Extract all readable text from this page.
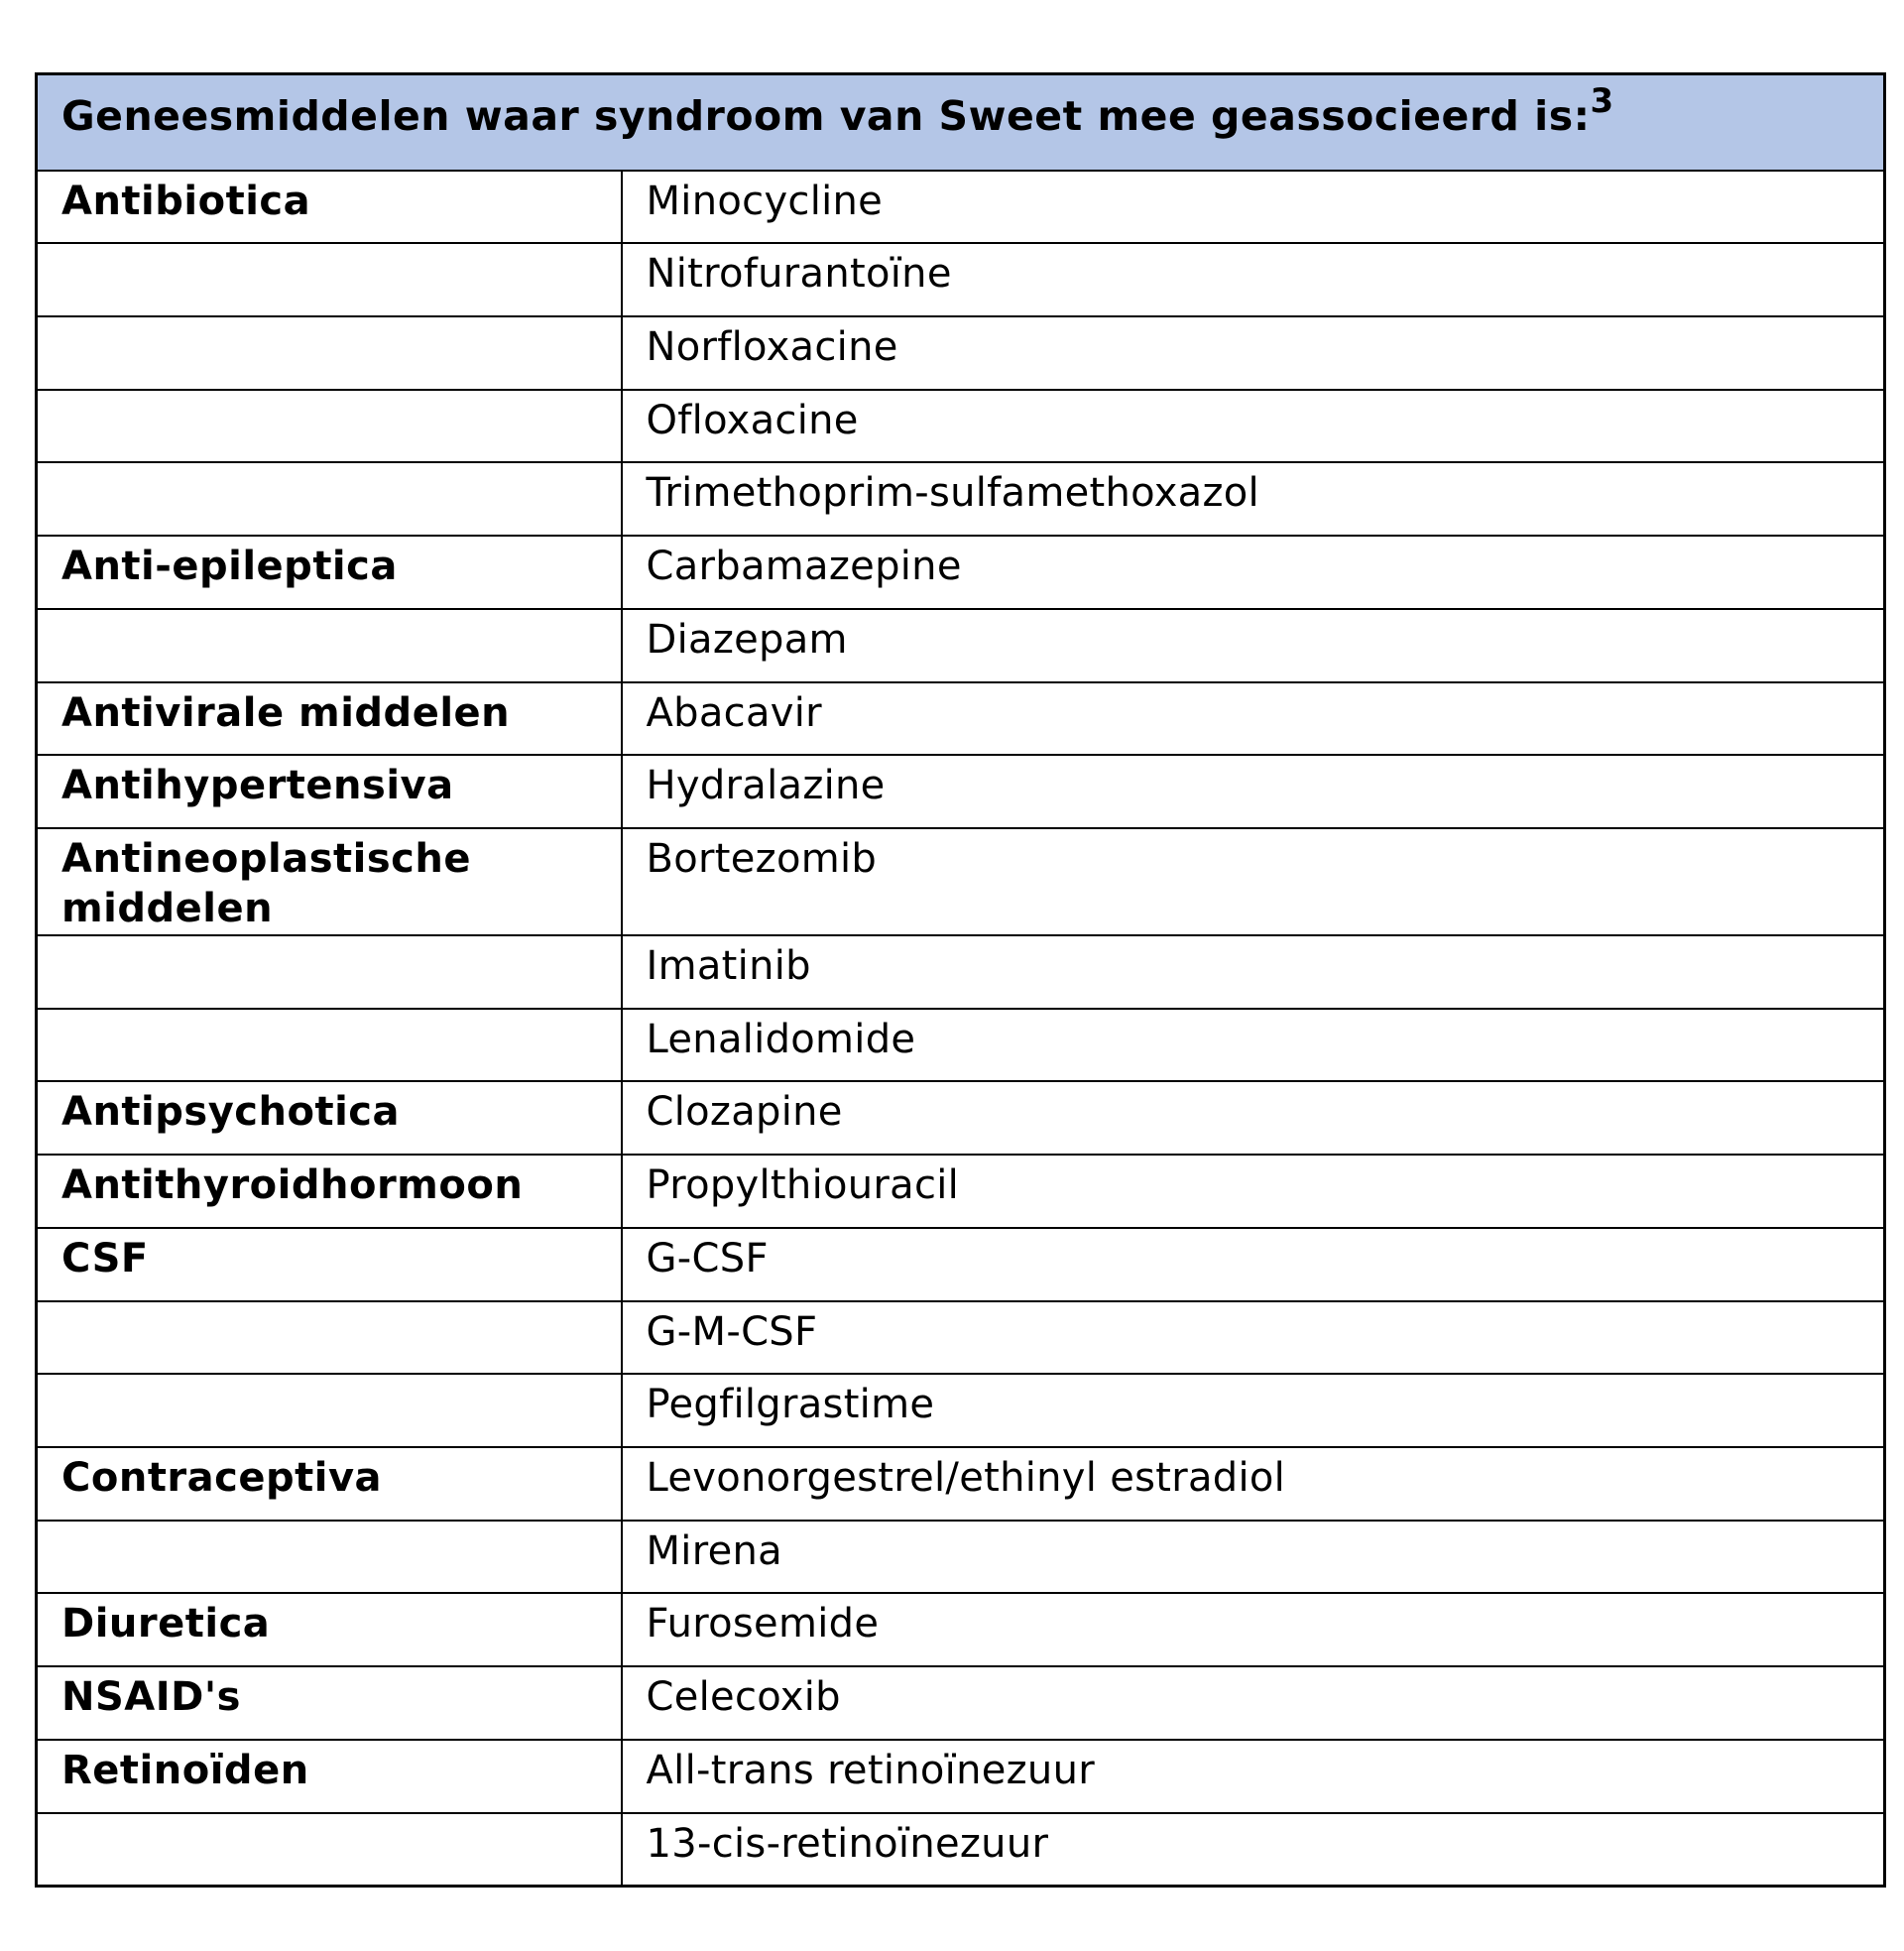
Geneesmiddelen waar syndroom van Sweet mee geassocieerd is:$^3$
Antibiotica	Minocycline
	Nitrofurantoïne
	Norfloxacine
	Ofloxacine
	Trimethoprim-sulfamethoxazol
Anti-epileptica	Carbamazepine
	Diazepam
Antivirale middelen	Abacavir
Antihypertensiva	Hydralazine
Antineoplastische middelen	Bortezomib
	Imatinib
	Lenalidomide
Antipsychotica	Clozapine
Antithyroidhormoon	Propylthiouracil
CSF	G-CSF
	G-M-CSF
	Pegfilgrastime
Contraceptiva	Levonorgestrel/ethinyl estradiol
	Mirena
Diuretica	Furosemide
NSAID's	Celecoxib
Retinoïden	All-trans retinoïnezuur
	13-cis-retinoïnezuur
